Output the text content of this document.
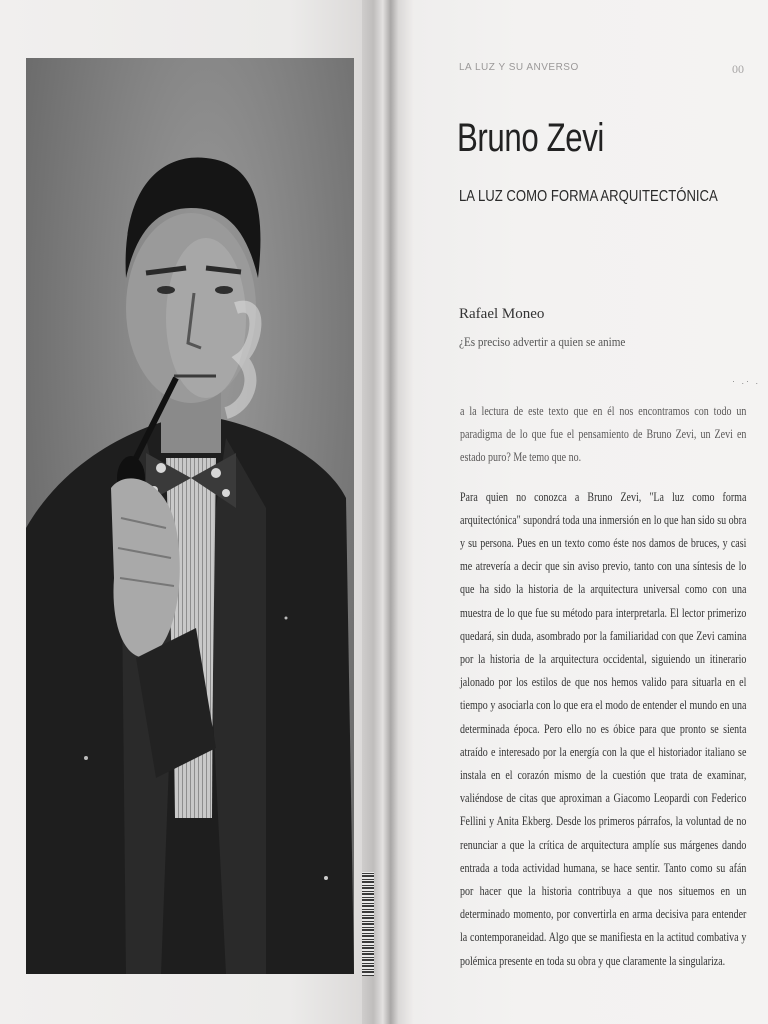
LA LUZ Y SU ANVERSO	00
Bruno Zevi
LA LUZ COMO FORMA ARQUITECTÓNICA
Rafael Moneo
¿Es preciso advertir a quien se anime
· .· .

a la lectura de este texto que en él nos encontramos con todo un paradigma de lo que fue el pensamiento de Bruno Zevi, un Zevi en estado puro? Me temo que no.

Para quien no conozca a Bruno Zevi, "La luz como forma arquitectónica" supondrá toda una inmersión en lo que han sido su obra y su persona. Pues en un texto como éste nos damos de bruces, y casi me atrevería a decir que sin aviso previo, tanto con una síntesis de lo que ha sido la historia de la arquitectura universal como con una muestra de lo que fue su método para interpretarla. El lector primerizo quedará, sin duda, asombrado por la familiaridad con que Zevi camina por la historia de la arquitectura occidental, siguiendo un itinerario jalonado por los estilos de que nos hemos valido para situarla en el tiempo y asociarla con lo que era el modo de entender el mundo en una determinada época. Pero ello no es óbice para que pronto se sienta atraído e interesado por la energía con la que el historiador italiano se instala en el corazón mismo de la cuestión que trata de examinar, valiéndose de citas que aproximan a Giacomo Leopardi con Federico Fellini y Anita Ekberg. Desde los primeros párrafos, la voluntad de no renunciar a que la crítica de arquitectura amplíe sus márgenes dando entrada a toda actividad humana, se hace sentir. Tanto como su afán por hacer que la historia contribuya a que nos situemos en un determinado momento, por convertirla en arma decisiva para entender la contemporaneidad. Algo que se manifiesta en la actitud combativa y polémica presente en toda su obra y que claramente la singulariza.
